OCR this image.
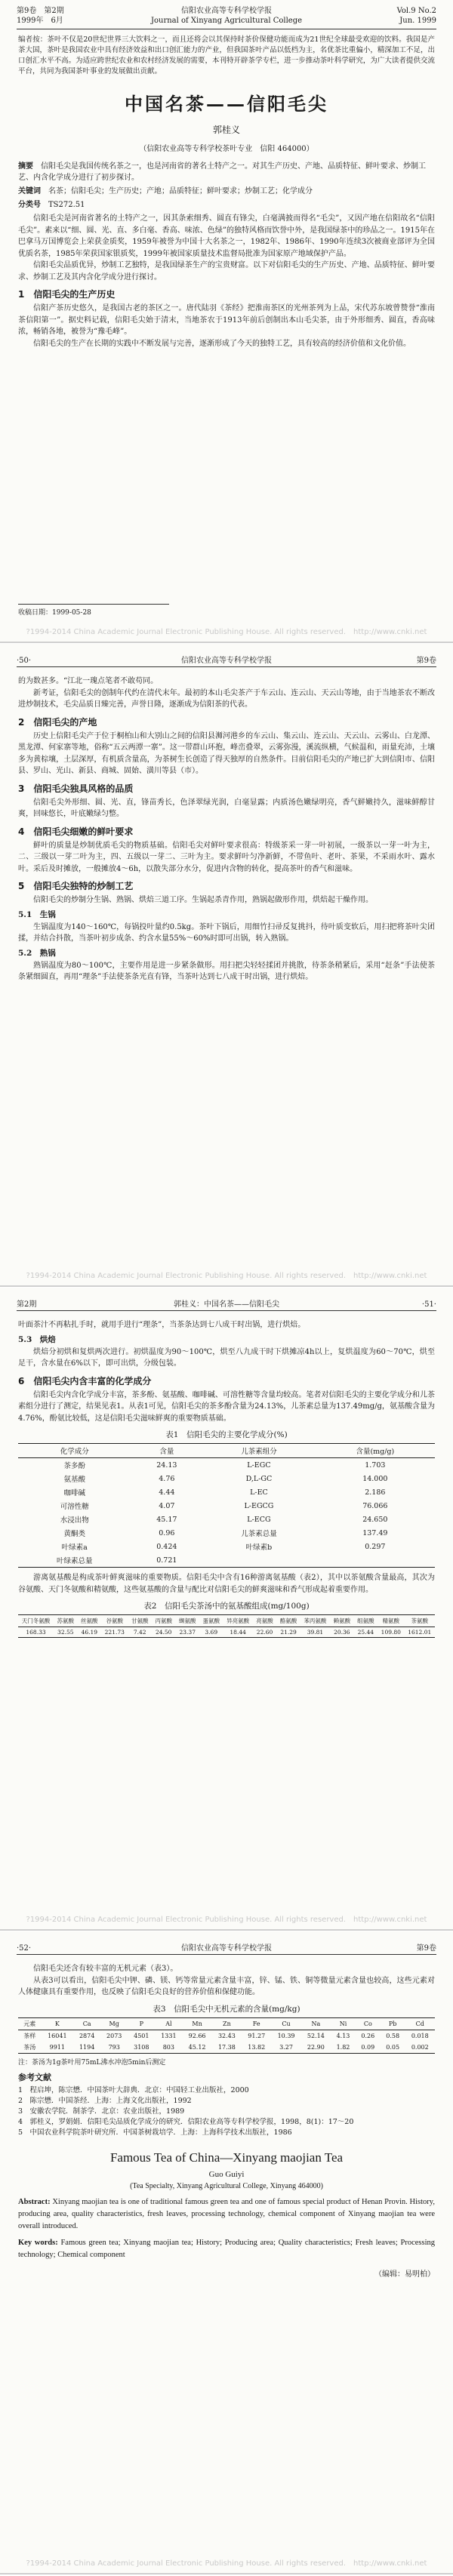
第9卷　第2期
1999年　6月
信阳农业高等专科学校学报
Journal of Xinyang Agricultural College
Vol.9 No.2
Jun. 1999

编者按：茶叶不仅是20世纪世界三大饮料之一，而且还将会以其保持时茶价保健功能而成为21世纪全球最受欢迎的饮料。我国是产茶大国，茶叶是我国农业中具有经济效益和出口创汇能力的产业，但我国茶叶产品以低档为主，名优茶比重偏小，精深加工不足，出口创汇水平不高。为适应跨世纪农业和农村经济发展的需要，本刊特开辟茶学专栏，进一步推动茶叶科学研究，为广大读者提供交流平台，共同为我国茶叶事业的发展做出贡献。

中国名茶——信阳毛尖
郭桂义
（信阳农业高等专科学校茶叶专业　信阳 464000）

摘要　 信阳毛尖是我国传统名茶之一，也是河南省的著名土特产之一。对其生产历史、产地、品质特征、鲜叶要求、炒制工艺、内含化学成分进行了初步探讨。

关键词　 名茶；信阳毛尖；生产历史；产地；品质特征；鲜叶要求；炒制工艺；化学成分

分类号　 TS272.51

信阳毛尖是河南省著名的土特产之一，因其条索细秀、圆直有锋尖，白毫满披而得名“毛尖”，又因产地在信阳故名“信阳毛尖”。素来以“细、圆、光、直、多白毫、香高、味浓、色绿”的独特风格而饮誉中外，是我国绿茶中的珍品之一。1915年在巴拿马万国博览会上荣获金质奖，1959年被誉为中国十大名茶之一，1982年、1986年、1990年连续3次被商业部评为全国优质名茶，1985年荣获国家银质奖，1999年被国家质量技术监督局批准为国家原产地域保护产品。

信阳毛尖品质优异，炒制工艺独特，是我国绿茶生产的宝贵财富。以下对信阳毛尖的生产历史、产地、品质特征、鲜叶要求、炒制工艺及其内含化学成分进行探讨。

1　信阳毛尖的生产历史

信阳产茶历史悠久，是我国古老的茶区之一。唐代陆羽《茶经》把淮南茶区的光州茶列为上品，宋代苏东坡曾赞誉“淮南茶信阳第一”。据史料记载，信阳毛尖始于清末，当地茶农于1913年前后创制出本山毛尖茶，由于外形细秀、圆直，香高味浓，畅销各地，被誉为“豫毛峰”。

信阳毛尖的生产在长期的实践中不断发展与完善，逐渐形成了今天的独特工艺，具有较高的经济价值和文化价值。

收稿日期：1999-05-28
?1994-2014 China Academic Journal Electronic Publishing House. All rights reserved.　http://www.cnki.net
·50·	信阳农业高等专科学校学报	第9卷

的为数甚多。“江北一瑰点笔者不敢苟同。

新考证，信阳毛尖的创制年代约在清代末年。最初的本山毛尖茶产于车云山、连云山、天云山等地，由于当地茶农不断改进炒制技术，毛尖品质日臻完善，声誉日隆，逐渐成为信阳茶的代表。

2　信阳毛尖的产地

历史上信阳毛尖产于位于桐柏山和大别山之间的信阳县浉河港乡的车云山、集云山、连云山、天云山、云雾山、白龙潭、黑龙潭、何家寨等地，俗称“五云两潭一寨”。这一带群山环抱，峰峦叠翠，云雾弥漫，溪流纵横，气候温和，雨量充沛，土壤多为黄棕壤，土层深厚，有机质含量高，为茶树生长创造了得天独厚的自然条件。目前信阳毛尖的产地已扩大到信阳市、信阳县、罗山、光山、新县、商城、固始、潢川等县（市）。

3　信阳毛尖独具风格的品质

信阳毛尖外形细、圆、光、直，锋苗秀长，色泽翠绿光润，白毫显露；内质汤色嫩绿明亮，香气鲜嫩持久，滋味鲜醇甘爽，回味悠长，叶底嫩绿匀整。

4　信阳毛尖细嫩的鲜叶要求

鲜叶的质量是炒制优质毛尖的物质基础。信阳毛尖对鲜叶要求很高：特级茶采一芽一叶初展，一级茶以一芽一叶为主，二、三级以一芽二叶为主，四、五级以一芽二、三叶为主。要求鲜叶匀净新鲜，不带鱼叶、老叶、茶果，不采雨水叶、露水叶。采后及时摊放，一般摊放4～6h，以散失部分水分，促进内含物的转化，提高茶叶的香气和滋味。

5　信阳毛尖独特的炒制工艺

信阳毛尖的炒制分生锅、熟锅、烘焙三道工序。生锅起杀青作用，熟锅起做形作用，烘焙起干燥作用。

5.1　生锅

生锅温度为140～160℃，每锅投叶量约0.5kg。茶叶下锅后，用细竹扫帚反复挑抖，待叶质变软后，用扫把将茶叶尖团揉，并结合抖散，当茶叶初步成条、约含水量55%～60%时即可出锅，转入熟锅。

5.2　熟锅

熟锅温度为80～100℃，主要作用是进一步紧条做形。用扫把尖轻轻揉团并挑散，待茶条稍紧后，采用“赶条”手法使茶条紧细圆直，再用“理条”手法使茶条光直有锋，当茶叶达到七八成干时出锅，进行烘焙。

?1994-2014 China Academic Journal Electronic Publishing House. All rights reserved.　http://www.cnki.net
第2期	郭桂义：中国名茶——信阳毛尖	·51·

叶面茶汁不再粘扎手时，就用手进行“理条”，当茶条达到七八成干时出锅，进行烘焙。

5.3　烘焙

烘焙分初烘和复烘两次进行。初烘温度为90～100℃，烘至八九成干时下烘摊凉4h以上，复烘温度为60～70℃，烘至足干，含水量在6%以下，即可出烘，分级包装。

6　信阳毛尖内含丰富的化学成分

信阳毛尖内含化学成分丰富，茶多酚、氨基酸、咖啡碱、可溶性糖等含量均较高。笔者对信阳毛尖的主要化学成分和儿茶素组分进行了测定，结果见表1。从表1可见，信阳毛尖的茶多酚含量为24.13%，儿茶素总量为137.49mg/g，氨基酸含量为4.76%，酚氨比较低，这是信阳毛尖滋味鲜爽的重要物质基础。

表1　信阳毛尖的主要化学成分(%)
化学成分	含量	儿茶素组分	含量(mg/g)
茶多酚	24.13	L-EGC	1.703
氨基酸	4.76	D,L-GC	14.000
咖啡碱	4.44	L-EC	2.186
可溶性糖	4.07	L-EGCG	76.066
水浸出物	45.17	L-ECG	24.650
黄酮类	0.96	儿茶素总量	137.49
叶绿素a	0.424	叶绿素b	0.297
叶绿素总量	0.721		

游离氨基酸是构成茶叶鲜爽滋味的重要物质。信阳毛尖中含有16种游离氨基酸（表2），其中以茶氨酸含量最高，其次为谷氨酸、天门冬氨酸和精氨酸，这些氨基酸的含量与配比对信阳毛尖的鲜爽滋味和香气形成起着重要作用。

表2　信阳毛尖茶汤中的氨基酸组成(mg/100g)
天门冬氨酸	苏氨酸	丝氨酸	谷氨酸	甘氨酸	丙氨酸	缬氨酸	蛋氨酸	异亮氨酸	亮氨酸	酪氨酸	苯丙氨酸	赖氨酸	组氨酸	精氨酸	茶氨酸
168.33	32.55	46.19	221.73	7.42	24.50	23.37	3.69	18.44	22.60	21.29	39.81	20.36	25.44	109.80	1612.01
?1994-2014 China Academic Journal Electronic Publishing House. All rights reserved.　http://www.cnki.net
·52·	信阳农业高等专科学校学报	第9卷

信阳毛尖还含有较丰富的无机元素（表3）。

从表3可以看出，信阳毛尖中钾、磷、镁、钙等常量元素含量丰富，锌、锰、铁、铜等微量元素含量也较高，这些元素对人体健康具有重要作用，也反映了信阳毛尖良好的营养价值和保健功能。

表3　信阳毛尖中无机元素的含量(mg/kg)
元素	K	Ca	Mg	P	Al	Mn	Zn	Fe	Cu	Na	Ni	Co	Pb	Cd
茶样	16041	2874	2073	4501	1331	92.66	32.43	91.27	10.39	52.14	4.13	0.26	0.58	0.018
茶汤	9911	1194	793	3108	803	45.12	17.38	13.82	3.27	22.90	1.82	0.09	0.05	0.002
注：茶汤为1g茶叶用75mL沸水冲泡5min后测定
参考文献
1　程启坤，陈宗懋．中国茶叶大辞典．北京：中国轻工业出版社，2000
2　陈宗懋．中国茶经．上海：上海文化出版社，1992
3　安徽农学院．制茶学．北京：农业出版社，1989
4　郭桂义，罗娟娟．信阳毛尖品质化学成分的研究．信阳农业高等专科学校学报，1998，8(1)：17～20
5　中国农业科学院茶叶研究所．中国茶树栽培学．上海：上海科学技术出版社，1986
Famous Tea of China—Xinyang maojian Tea
Guo Guiyi
(Tea Specialty, Xinyang Agricultural College, Xinyang 464000)

Abstract: Xinyang maojian tea is one of traditional famous green tea and one of famous special product of Henan Provin. History, producing area, quality characteristics, fresh leaves, processing technology, chemical component of Xinyang maojian tea were overall introduced.

Key words: Famous green tea; Xinyang maojian tea; History; Producing area; Quality characteristics; Fresh leaves; Processing technology; Chemical component

（编辑：易明柏）
?1994-2014 China Academic Journal Electronic Publishing House. All rights reserved.　http://www.cnki.net
